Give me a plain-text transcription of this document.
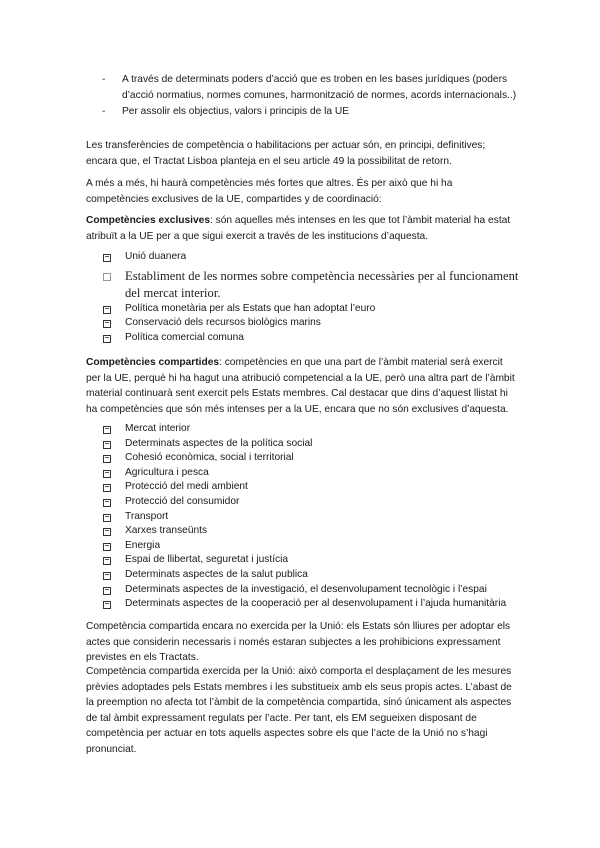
-	A través de determinats poders d’acció que es troben en les bases jurídiques (poders d’acció normatius, normes comunes, harmonització de normes, acords internacionals..)
-	Per assolir els objectius, valors i principis de la UE

Les transferències de competència o habilitacions per actuar són, en principi, definitives; encara que, el Tractat Lisboa planteja en el seu article 49 la possibilitat de retorn.

A més a més, hi haurà competències més fortes que altres. És per això que hi ha competències exclusives de la UE, compartides y de coordinació:

Competències exclusives: són aquelles més intenses en les que tot l’àmbit material ha estat atribuït a la UE per a que sigui exercit a través de les institucions d’aquesta.

Unió duanera
Establiment de les normes sobre competència necessàries per al funcionament del mercat interior.
Política monetària per als Estats que han adoptat l’euro
Conservació dels recursos biològics marins
Política comercial comuna

Competències compartides: competències en que una part de l’àmbit material serà exercit per la UE, perquè hi ha hagut una atribució competencial a la UE, però una altra part de l’àmbit material continuarà sent exercit pels Estats membres. Cal destacar que dins d’aquest llistat hi ha competències que són més intenses per a la UE, encara que no són exclusives d’aquesta.

Mercat interior
Determinats aspectes de la política social
Cohesió econòmica, social i territorial
Agricultura i pesca
Protecció del medi ambient
Protecció del consumidor
Transport
Xarxes transeünts
Energia
Espai de llibertat, seguretat i justícia
Determinats aspectes de la salut publica
Determinats aspectes de la investigació, el desenvolupament tecnològic i l’espai
Determinats aspectes de la cooperació per al desenvolupament i l’ajuda humanitària

Competència compartida encara no exercida per la Unió: els Estats són lliures per adoptar els actes que considerin necessaris i només estaran subjectes a les prohibicions expressament previstes en els Tractats.

Competència compartida exercida per la Unió: això comporta el desplaçament de les mesures prèvies adoptades pels Estats membres i les substitueix amb els seus propis actes. L’abast de la preemption no afecta tot l’àmbit de la competència compartida, sinó únicament als aspectes de tal àmbit expressament regulats per l’acte. Per tant, els EM segueixen disposant de competència per actuar en tots aquells aspectes sobre els que l’acte de la Unió no s’hagi pronunciat.
